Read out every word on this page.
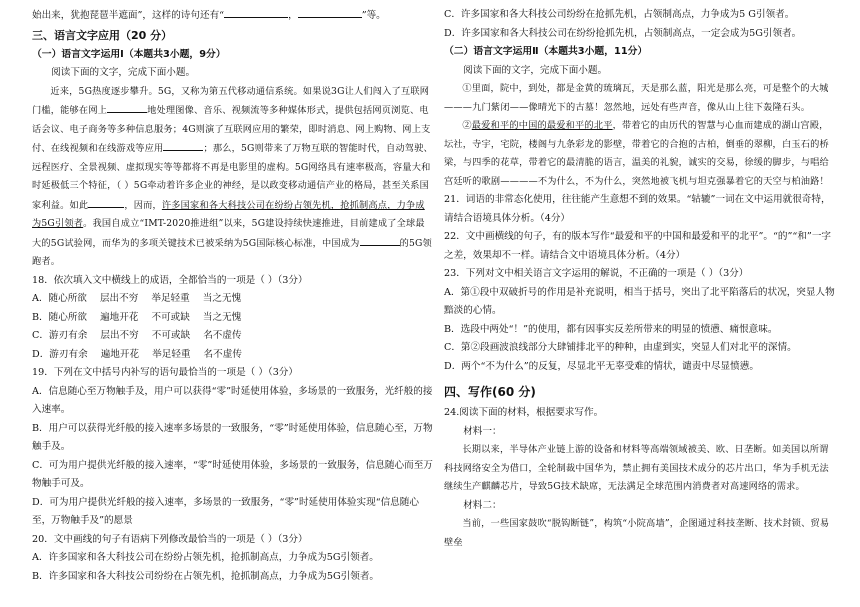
始出来，犹抱琵琶半遮面”，这样的诗句还有“	，	”等。

三、语言文字应用（20 分）

（一）语言文字运用Ⅰ（本题共3小题，9分）

阅读下面的文字，完成下面小题。

近来，5G热度逐步攀升。5G，又称为第五代移动通信系统。如果说3G让人们闯入了互联网门槛，能够在网上	地处理图像、音乐、视频流等多种媒体形式，提供包括网页浏览、电话会议、电子商务等多种信息服务；4G则演了互联网应用的繁荣，即时消息、网上购物、网上支付、在线视频和在线游戏等应用	；那么，5G则带来了万物互联的智能时代，自动驾驶、远程医疗、全景视频、虚拟现实等等都将不再是电影里的虚构。5G网络具有速率极高，容量大和时延极低三个特征，（ ）5G牵动着许多企业的神经，是以政变移动通信产业的格局，甚至关系国家利益。如此	，因而，许多国家和各大科技公司在纷纷占领先机，抢抓制高点，力争成为5G引领者。我国自成立“IMT-2020推进组”以来，5G建设持续快速推进，目前建成了全球最大的5G试验网，而华为的多项关键技术已被采纳为5G国际核心标准，中国成为	的5G领跑者。

18．依次填入文中横线上的成语，全都恰当的一项是（ ）（3分）

A．随心所欲 层出不穷 举足轻重 当之无愧

B．随心所欲 遍地开花 不可或缺 当之无愧

C．游刃有余 层出不穷 不可或缺 名不虚传

D．游刃有余 遍地开花 举足轻重 名不虚传

19．下列在文中括号内补写的语句最恰当的一项是（ ）（3分）

A．信息随心至万物触手及，用户可以获得“零”时延使用体验，多场景的一致服务，光纤般的接入速率。

B．用户可以获得光纤般的接入速率多场景的一致服务，“零”时延使用体验，信息随心至，万物触手及。

C．可为用户提供光纤般的接入速率，“零”时延使用体验，多场景的一致服务，信息随心而至万物触手可及。

D．可为用户提供光纤般的接入速率，多场景的一致服务，“零”时延使用体验实现“信息随心至，万物触手及”的愿景

20．文中画线的句子有语病下列修改最恰当的一项是（ ）（3分）

A．许多国家和各大科技公司在纷纷占领先机，抢抓制高点，力争成为5G引领者。

B．许多国家和各大科技公司纷纷在占领先机，抢抓制高点，力争成为5G引领者。

C．许多国家和各大科技公司纷纷在抢抓先机，占领制高点，力争成为5 G引领者。

D．许多国家和各大科技公司在纷纷抢抓先机，占领制高点，一定会成为5G引领者。

（二）语言文字运用Ⅱ（本题共3小题，11分）

阅读下面的文字，完成下面小题。

①里面，院中，到处，都是金黄的琉璃瓦，天是那么蓝，阳光是那么亮，可是整个的大城———九门紫闭——像晴光下的古墓！忽然地，远处有些声音，像从山上往下轰隆石头。

②最爱和平的中国的最爱和平的北平，带着它的由历代的智慧与心血而建成的湖山宫殿，坛社，寺宇，宅院，楼阁与九条彩龙的影壁，带着它的合抱的古柏，倒垂的翠柳，白玉石的桥梁，与四季的花草，带着它的最清脆的语言，温美的礼貌，诚实的交易，徐缓的脚步，与唱给宫廷听的歌剧————不为什么，不为什么，突然地被飞机与坦克强暴着它的天空与柏油路！

21．词语的非常态化使用，往往能产生意想不到的效果。“轱辘”一词在文中运用就很奇特，请结合语境具体分析。（4分）

22．文中画横线的句子，有的版本写作“最爱和平的中国和最爱和平的北平”。“的”“和”一字之差，效果却不一样。请结合文中语境具体分析。（4分）

23．下列对文中相关语言文字运用的解说，不正确的一项是（ ）（3分）

A．第①段中双破折号的作用是补充说明，相当于括号，突出了北平陷落后的状况，突显人物黯淡的心情。

B．选段中两处“！”的使用，都有因事实反差所带来的明显的愤懑、痛恨意味。

C．第②段画波浪线部分大肆铺排北平的种种，由虚到实，突显人们对北平的深情。

D．两个“不为什么”的反复，尽显北平无辜受难的情状，谴责中尽显愤懑。

四、写作(60 分)

24.阅读下面的材料，根据要求写作。

材料一：

长期以来，半导体产业链上游的设备和材料等高端领域被美、欧、日垄断。如美国以所谓科技网络安全为借口，全轮制裁中国华为，禁止拥有美国技术成分的芯片出口，华为手机无法继续生产麒麟芯片，导致5G技术缺席，无法满足全球范围内消费者对高速网络的需求。

材料二：

当前，一些国家鼓吹“脱钩断链”，构筑“小院高墙”，企图通过科技垄断、技术封锁、贸易壁垒
